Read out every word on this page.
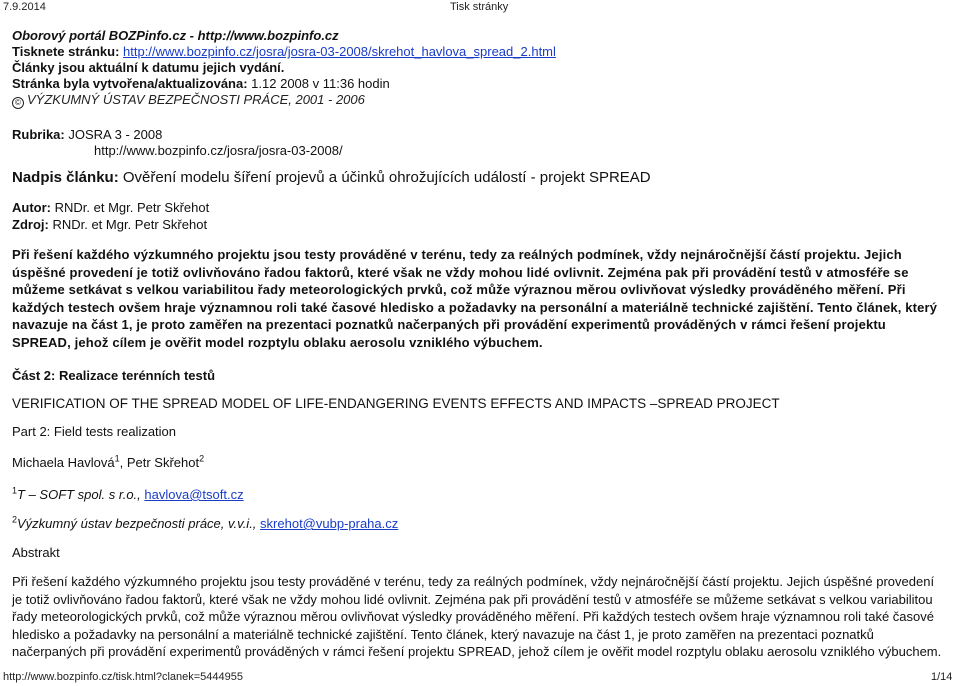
7.9.2014	Tisk stránky
Oborový portál BOZPinfo.cz - http://www.bozpinfo.cz
Tisknete stránku: http://www.bozpinfo.cz/josra/josra-03-2008/skrehot_havlova_spread_2.html
Články jsou aktuální k datumu jejich vydání.
Stránka byla vytvořena/aktualizována: 1.12 2008 v 11:36 hodin
© VÝZKUMNÝ ÚSTAV BEZPEČNOSTI PRÁCE, 2001 - 2006
Rubrika: JOSRA 3 - 2008
http://www.bozpinfo.cz/josra/josra-03-2008/
Nadpis článku: Ověření modelu šíření projevů a účinků ohrožujících událostí - projekt SPREAD
Autor: RNDr. et Mgr. Petr Skřehot
Zdroj: RNDr. et Mgr. Petr Skřehot
Při řešení každého výzkumného projektu jsou testy prováděné v terénu, tedy za reálných podmínek, vždy nejnáročnější částí projektu. Jejich úspěšné provedení je totiž ovlivňováno řadou faktorů, které však ne vždy mohou lidé ovlivnit. Zejména pak při provádění testů v atmosféře se můžeme setkávat s velkou variabilitou řady meteorologických prvků, což může výraznou měrou ovlivňovat výsledky prováděného měření. Při každých testech ovšem hraje významnou roli také časové hledisko a požadavky na personální a materiálně technické zajištění. Tento článek, který navazuje na část 1, je proto zaměřen na prezentaci poznatků načerpaných při provádění experimentů prováděných v rámci řešení projektu SPREAD, jehož cílem je ověřit model rozptylu oblaku aerosolu vzniklého výbuchem.
Část 2: Realizace terénních testů
VERIFICATION OF THE SPREAD MODEL OF LIFE-ENDANGERING EVENTS EFFECTS AND IMPACTS –SPREAD PROJECT
Part 2: Field tests realization
Michaela Havlová$^1$, Petr Skřehot$^2$
$^1$T – SOFT spol. s r.o., havlova@tsoft.cz
$^2$Výzkumný ústav bezpečnosti práce, v.v.i., skrehot@vubp-praha.cz
Abstrakt
Při řešení každého výzkumného projektu jsou testy prováděné v terénu, tedy za reálných podmínek, vždy nejnáročnější částí projektu. Jejich úspěšné provedení je totiž ovlivňováno řadou faktorů, které však ne vždy mohou lidé ovlivnit. Zejména pak při provádění testů v atmosféře se můžeme setkávat s velkou variabilitou řady meteorologických prvků, což může výraznou měrou ovlivňovat výsledky prováděného měření. Při každých testech ovšem hraje významnou roli také časové hledisko a požadavky na personální a materiálně technické zajištění. Tento článek, který navazuje na část 1, je proto zaměřen na prezentaci poznatků načerpaných při provádění experimentů prováděných v rámci řešení projektu SPREAD, jehož cílem je ověřit model rozptylu oblaku aerosolu vzniklého výbuchem.
http://www.bozpinfo.cz/tisk.html?clanek=5444955	1/14
